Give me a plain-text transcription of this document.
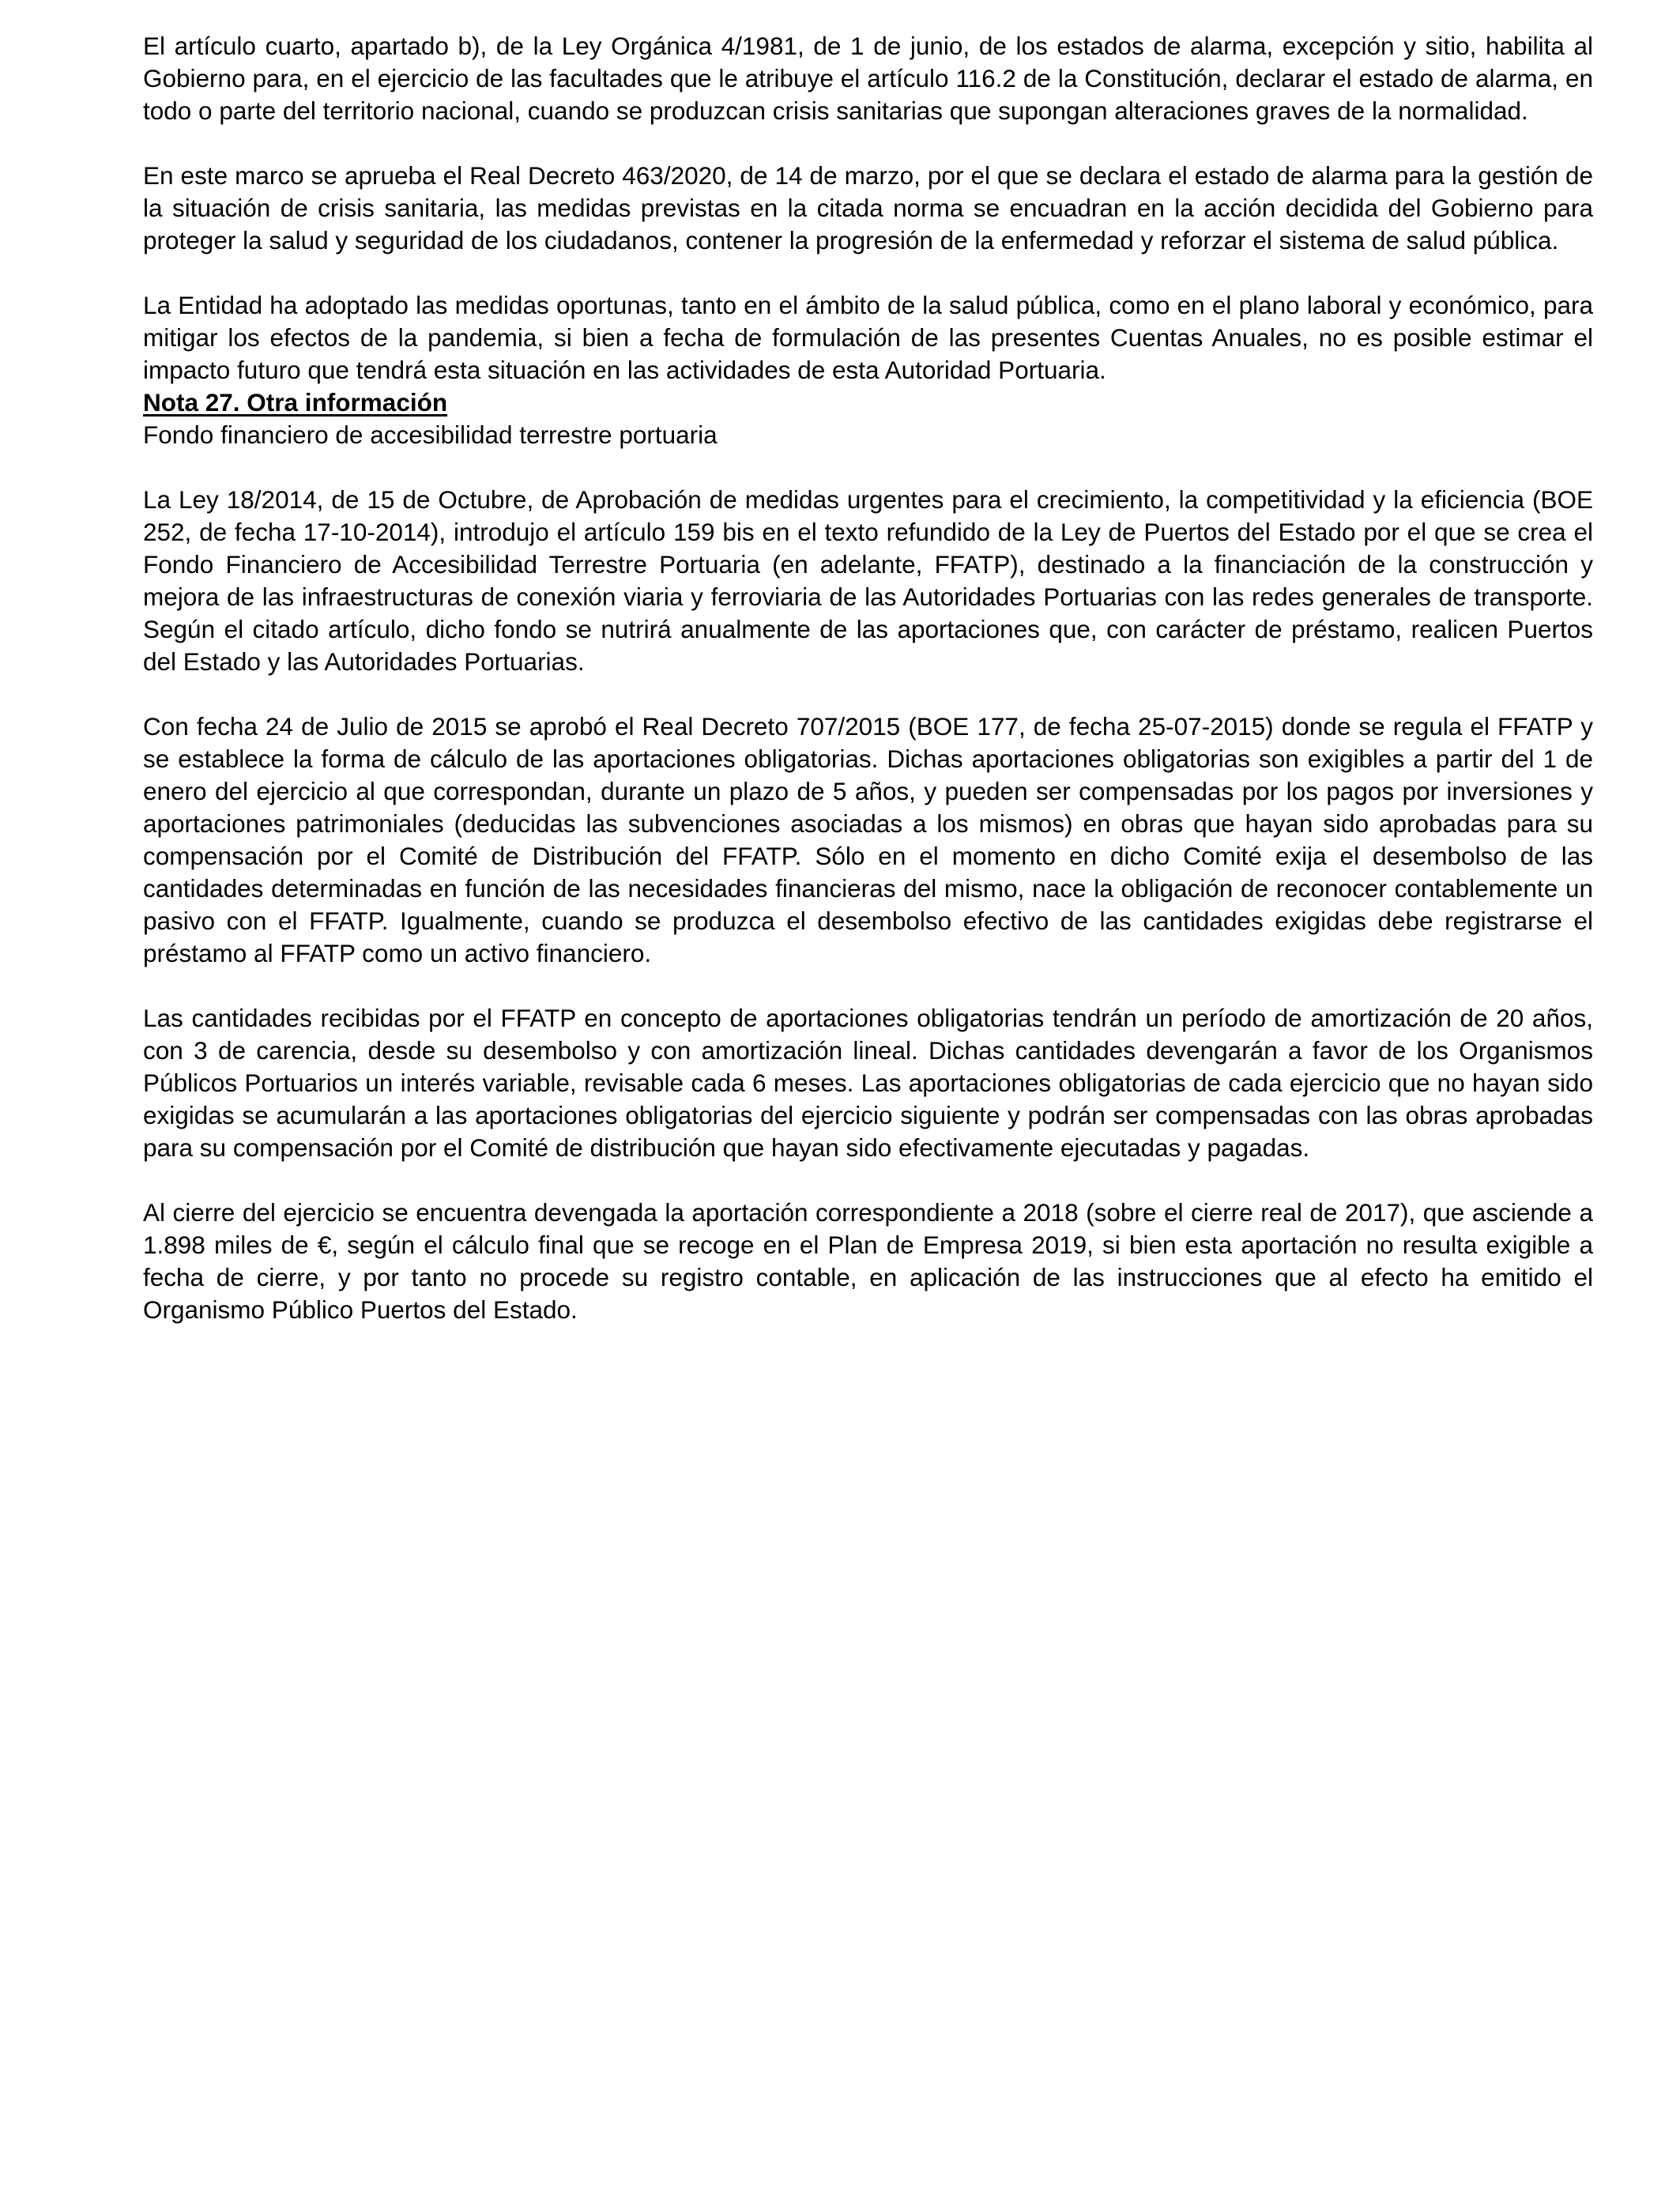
El artículo cuarto, apartado b), de la Ley Orgánica 4/1981, de 1 de junio, de los estados de alarma, excepción y sitio, habilita al Gobierno para, en el ejercicio de las facultades que le atribuye el artículo 116.2 de la Constitución, declarar el estado de alarma, en todo o parte del territorio nacional, cuando se produzcan crisis sanitarias que supongan alteraciones graves de la normalidad.

En este marco se aprueba el Real Decreto 463/2020, de 14 de marzo, por el que se declara el estado de alarma para la gestión de la situación de crisis sanitaria, las medidas previstas en la citada norma se encuadran en la acción decidida del Gobierno para proteger la salud y seguridad de los ciudadanos, contener la progresión de la enfermedad y reforzar el sistema de salud pública.

La Entidad ha adoptado las medidas oportunas, tanto en el ámbito de la salud pública, como en el plano laboral y económico, para mitigar los efectos de la pandemia, si bien a fecha de formulación de las presentes Cuentas Anuales, no es posible estimar el impacto futuro que tendrá esta situación en las actividades de esta Autoridad Portuaria.

Nota 27. Otra información

Fondo financiero de accesibilidad terrestre portuaria

La Ley 18/2014, de 15 de Octubre, de Aprobación de medidas urgentes para el crecimiento, la competitividad y la eficiencia (BOE 252, de fecha 17-10-2014), introdujo el artículo 159 bis en el texto refundido de la Ley de Puertos del Estado por el que se crea el Fondo Financiero de Accesibilidad Terrestre Portuaria (en adelante, FFATP), destinado a la financiación de la construcción y mejora de las infraestructuras de conexión viaria y ferroviaria de las Autoridades Portuarias con las redes generales de transporte. Según el citado artículo, dicho fondo se nutrirá anualmente de las aportaciones que, con carácter de préstamo, realicen Puertos del Estado y las Autoridades Portuarias.

Con fecha 24 de Julio de 2015 se aprobó el Real Decreto 707/2015 (BOE 177, de fecha 25-07-2015) donde se regula el FFATP y se establece la forma de cálculo de las aportaciones obligatorias. Dichas aportaciones obligatorias son exigibles a partir del 1 de enero del ejercicio al que correspondan, durante un plazo de 5 años, y pueden ser compensadas por los pagos por inversiones y aportaciones patrimoniales (deducidas las subvenciones asociadas a los mismos) en obras que hayan sido aprobadas para su compensación por el Comité de Distribución del FFATP. Sólo en el momento en dicho Comité exija el desembolso de las cantidades determinadas en función de las necesidades financieras del mismo, nace la obligación de reconocer contablemente un pasivo con el FFATP. Igualmente, cuando se produzca el desembolso efectivo de las cantidades exigidas debe registrarse el préstamo al FFATP como un activo financiero.

Las cantidades recibidas por el FFATP en concepto de aportaciones obligatorias tendrán un período de amortización de 20 años, con 3 de carencia, desde su desembolso y con amortización lineal. Dichas cantidades devengarán a favor de los Organismos Públicos Portuarios un interés variable, revisable cada 6 meses. Las aportaciones obligatorias de cada ejercicio que no hayan sido exigidas se acumularán a las aportaciones obligatorias del ejercicio siguiente y podrán ser compensadas con las obras aprobadas para su compensación por el Comité de distribución que hayan sido efectivamente ejecutadas y pagadas.

Al cierre del ejercicio se encuentra devengada la aportación correspondiente a 2018 (sobre el cierre real de 2017), que asciende a 1.898 miles de €, según el cálculo final que se recoge en el Plan de Empresa 2019, si bien esta aportación no resulta exigible a fecha de cierre, y por tanto no procede su registro contable, en aplicación de las instrucciones que al efecto ha emitido el Organismo Público Puertos del Estado.
